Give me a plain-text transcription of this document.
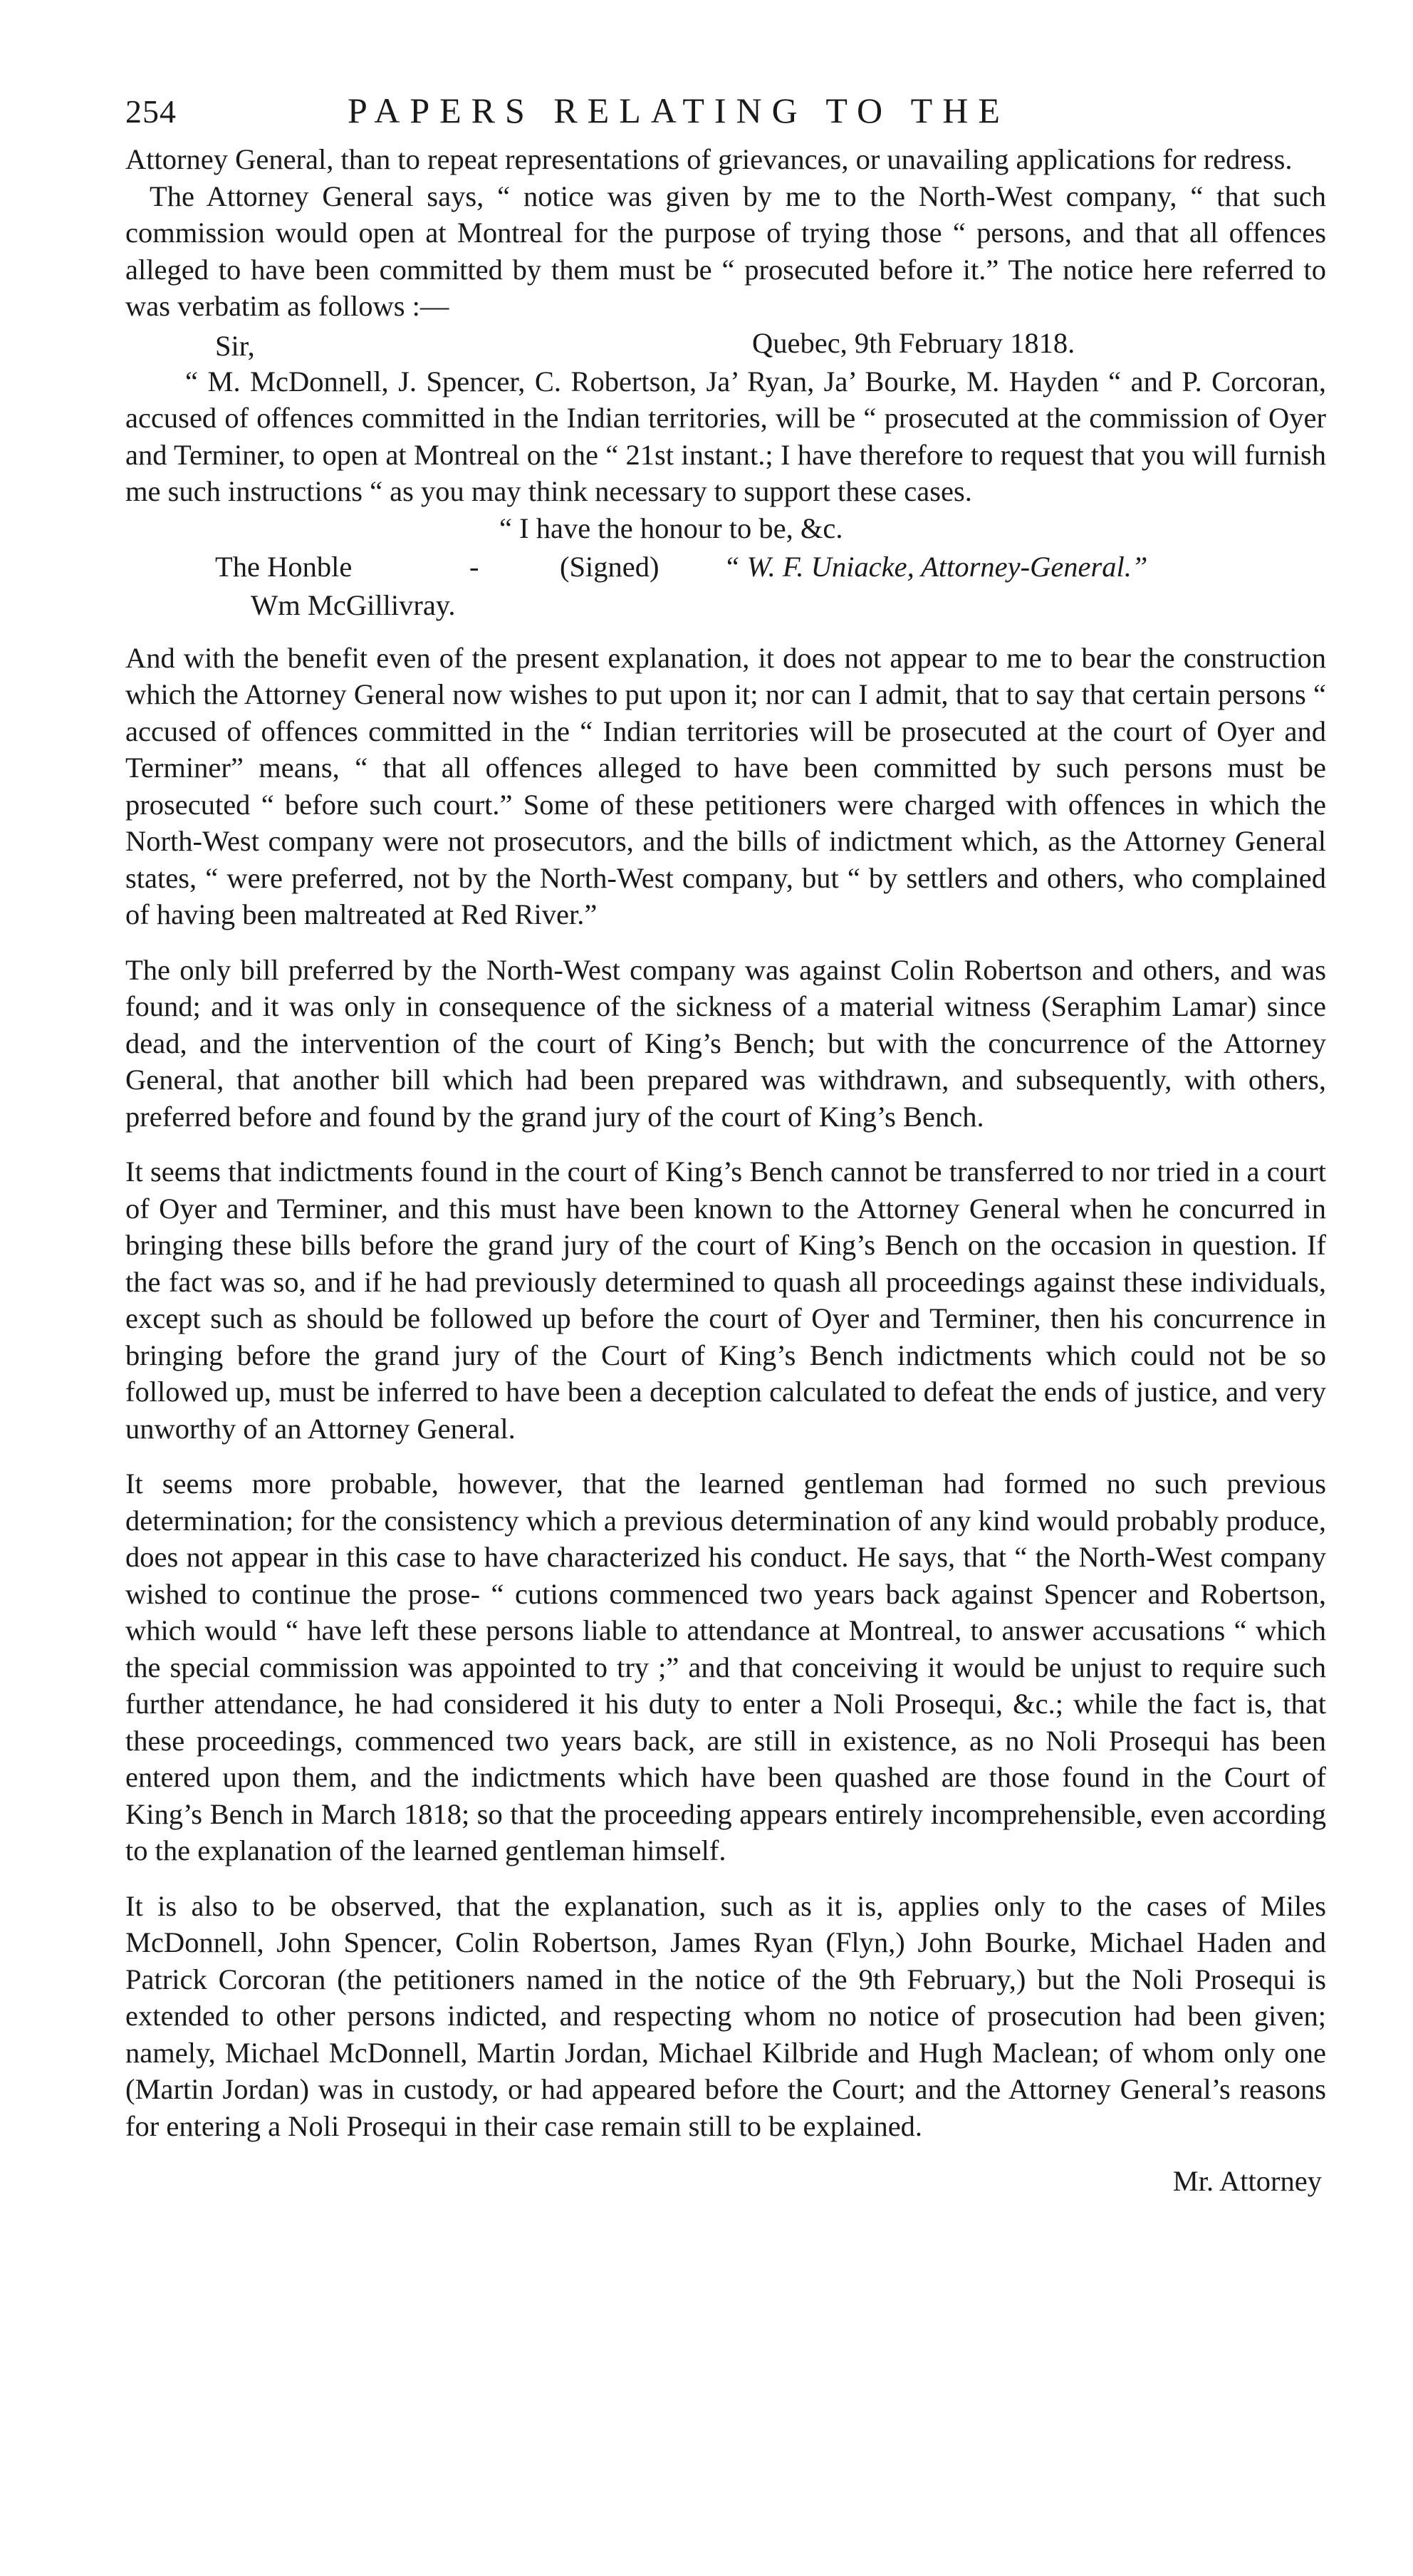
254	PAPERS RELATING TO THE

Attorney General, than to repeat representations of grievances, or unavailing applications for redress.

The Attorney General says, “ notice was given by me to the North-West company, “ that such commission would open at Montreal for the purpose of trying those “ persons, and that all offences alleged to have been committed by them must be “ prosecuted before it.” The notice here referred to was verbatim as follows :—

Sir,	Quebec, 9th February 1818.

“ M. McDonnell, J. Spencer, C. Robertson, Ja’ Ryan, Ja’ Bourke, M. Hayden “ and P. Corcoran, accused of offences committed in the Indian territories, will be “ prosecuted at the commission of Oyer and Terminer, to open at Montreal on the “ 21st instant.; I have therefore to request that you will furnish me such instructions “ as you may think necessary to support these cases.

“ I have the honour to be, &c.
The Honble	-	(Signed) “ W. F. Uniacke, Attorney-General.”
Wm McGillivray.

And with the benefit even of the present explanation, it does not appear to me to bear the construction which the Attorney General now wishes to put upon it; nor can I admit, that to say that certain persons “ accused of offences committed in the “ Indian territories will be prosecuted at the court of Oyer and Terminer” means, “ that all offences alleged to have been committed by such persons must be prosecuted “ before such court.” Some of these petitioners were charged with offences in which the North-West company were not prosecutors, and the bills of indictment which, as the Attorney General states, “ were preferred, not by the North-West company, but “ by settlers and others, who complained of having been maltreated at Red River.”

The only bill preferred by the North-West company was against Colin Robertson and others, and was found; and it was only in consequence of the sickness of a material witness (Seraphim Lamar) since dead, and the intervention of the court of King’s Bench; but with the concurrence of the Attorney General, that another bill which had been prepared was withdrawn, and subsequently, with others, preferred before and found by the grand jury of the court of King’s Bench.

It seems that indictments found in the court of King’s Bench cannot be transferred to nor tried in a court of Oyer and Terminer, and this must have been known to the Attorney General when he concurred in bringing these bills before the grand jury of the court of King’s Bench on the occasion in question. If the fact was so, and if he had previously determined to quash all proceedings against these individuals, except such as should be followed up before the court of Oyer and Terminer, then his concurrence in bringing before the grand jury of the Court of King’s Bench indictments which could not be so followed up, must be inferred to have been a deception calculated to defeat the ends of justice, and very unworthy of an Attorney General.

It seems more probable, however, that the learned gentleman had formed no such previous determination; for the consistency which a previous determination of any kind would probably produce, does not appear in this case to have characterized his conduct. He says, that “ the North-West company wished to continue the prose- “ cutions commenced two years back against Spencer and Robertson, which would “ have left these persons liable to attendance at Montreal, to answer accusations “ which the special commission was appointed to try ;” and that conceiving it would be unjust to require such further attendance, he had considered it his duty to enter a Noli Prosequi, &c.; while the fact is, that these proceedings, commenced two years back, are still in existence, as no Noli Prosequi has been entered upon them, and the indictments which have been quashed are those found in the Court of King’s Bench in March 1818; so that the proceeding appears entirely incomprehensible, even according to the explanation of the learned gentleman himself.

It is also to be observed, that the explanation, such as it is, applies only to the cases of Miles McDonnell, John Spencer, Colin Robertson, James Ryan (Flyn,) John Bourke, Michael Haden and Patrick Corcoran (the petitioners named in the notice of the 9th February,) but the Noli Prosequi is extended to other persons indicted, and respecting whom no notice of prosecution had been given; namely, Michael McDonnell, Martin Jordan, Michael Kilbride and Hugh Maclean; of whom only one (Martin Jordan) was in custody, or had appeared before the Court; and the Attorney General’s reasons for entering a Noli Prosequi in their case remain still to be explained.

Mr. Attorney
